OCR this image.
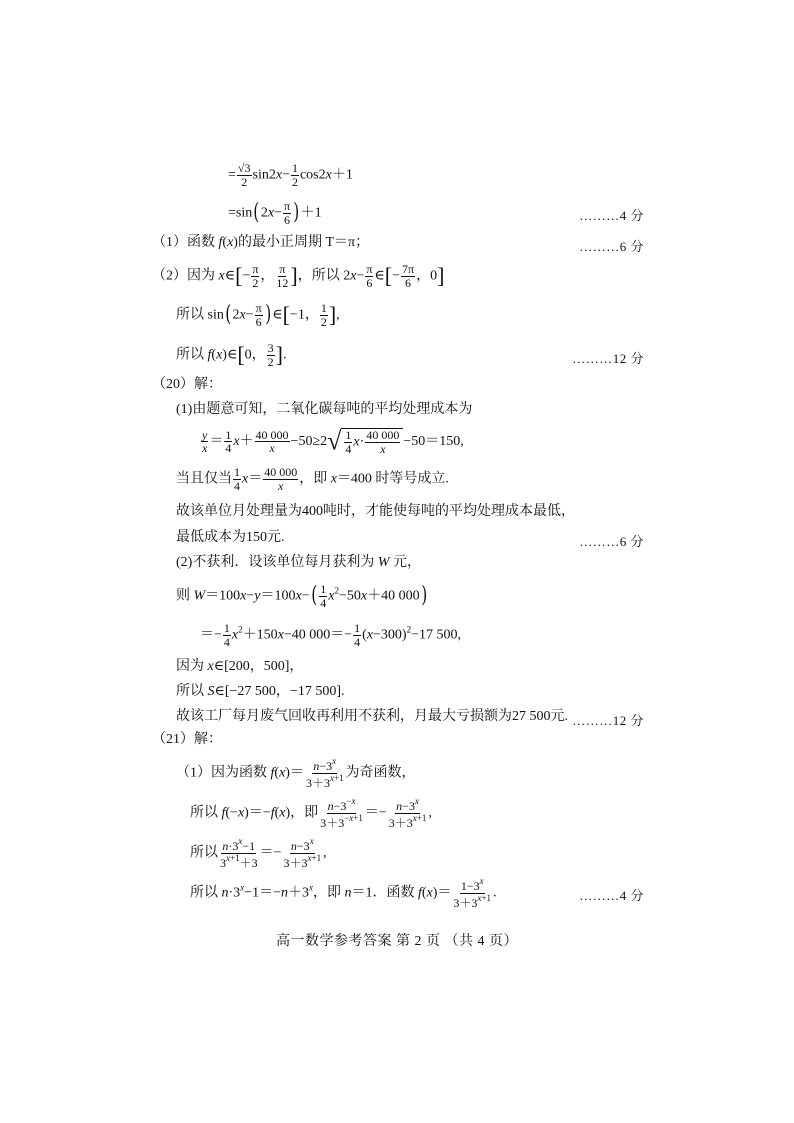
= $\frac{√3}{2} \sin 2x- \frac{1}{2} \cos 2x+1$
$=\sin(2x- \frac{\pi}{6} )+1$	………4 分
（1）函数 f(x)的最小正周期 T＝π；	………6 分
（2）因为 x∈[− $\frac{\pi}{2}$ ， $\frac{\pi}{12}$ ]，所以 $2x- \frac{\pi}{6}$ ∈[− $\frac{7\pi}{6}$ ，0]
所以 $\sin(2x- \frac{\pi}{6}$ )∈[−1， $\frac{1}{2}$ ],
所以 f(x)∈[0， $\frac{3}{2}$ ].	………12 分
（20）解：
(1)由题意可知，二氧化碳每吨的平均处理成本为
$\frac{y}{x} = \frac{1}{4} x+ \frac{40 000}{x} -50\ge 2√ \frac{1}{4} x\cdot \frac{40 000}{x} -50=150$,
当且仅当 $\frac{1}{4} x= \frac{40 000}{x}$ ，即 x＝400 时等号成立.
故该单位月处理量为400吨时，才能使每吨的平均处理成本最低，
最低成本为150元.	………6 分
(2)不获利．设该单位每月获利为 W 元，
则 $W=100x-y=100x-( \frac{1}{4} x^2-50x+40$ 000)
＝− $\frac{1}{4} x^2+150x-40$ $000=- \frac{1}{4} (x-300)^2-17$ 500,
因为 x∈[200，500]，
所以 S∈[−27 500，−17 500].
故该工厂每月废气回收再利用不获利，月最大亏损额为27 500元. ………12 分
（21）解：
（1）因为函数 $f(x)= \frac{n-3^x}{3+3^{x+1}}$ 为奇函数，
所以 f(−x)＝−f(x)，即 $\frac{n-3^{-x}}{3+3^{-x+1}} =- \frac{n-3^x}{3+3^{x+1}}$ ,
所以 $\frac{n\cdot 3^x-1}{3^{x+1}+3} =- \frac{n-3^x}{3+3^{x+1}}$ ,
所以 $n\cdot 3^x-1=-n+3^x$，即 n＝1．函数 $f(x)= \frac{1-3^x}{3+3^{x+1}}$ .	………4 分
高一数学参考答案 第 2 页 （共 4 页）
